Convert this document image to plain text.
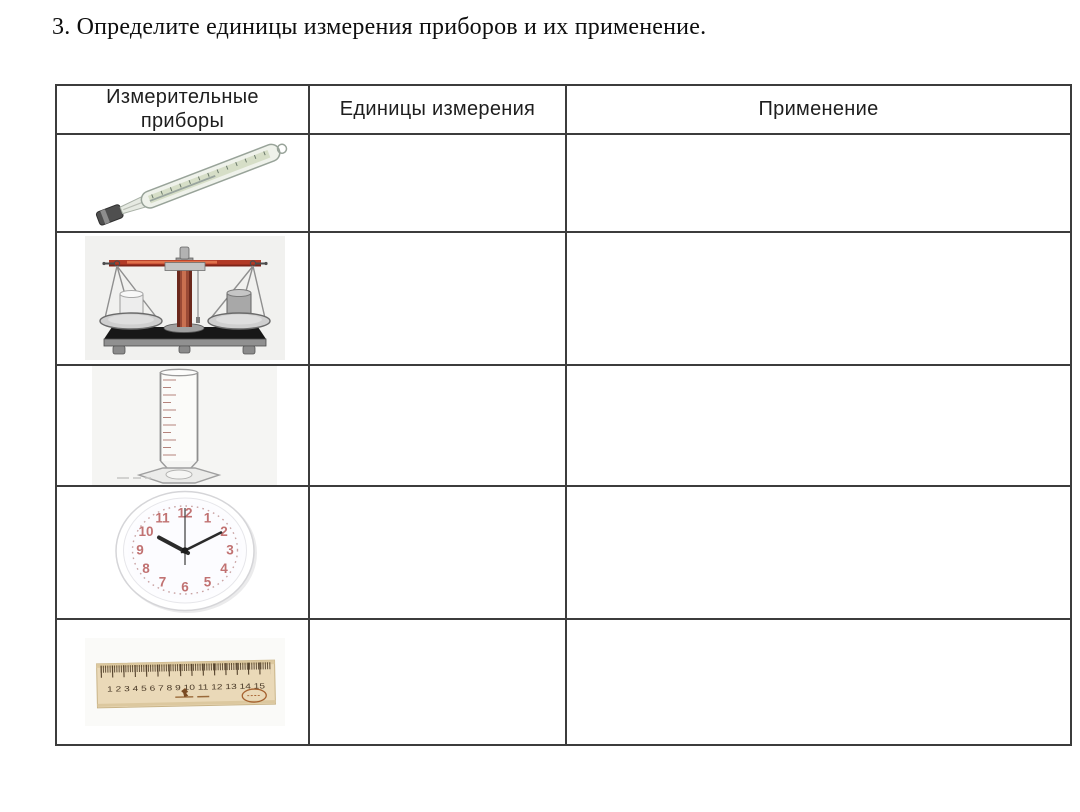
3. Определите единицы измерения приборов и их применение.
Измерительные приборы
Единицы измерения	Применение
1
2
3
4
5
6
7
8
9
10
11 12
1 2 3 4 5 6 7 8 9 10 11 12 13 14 15
